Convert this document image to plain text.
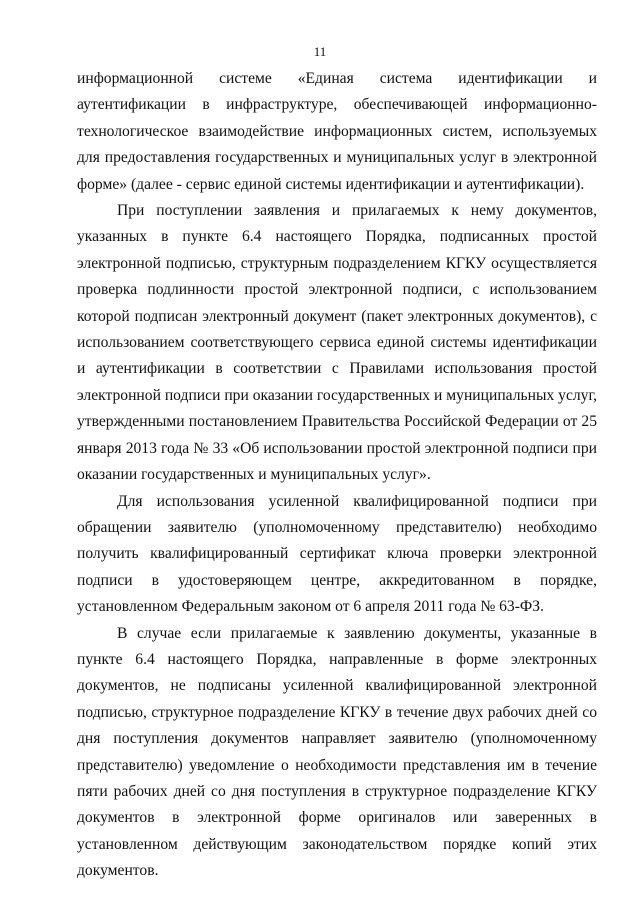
11

информационной системе «Единая система идентификации и аутентификации в инфраструктуре, обеспечивающей информационно-технологическое взаимодействие информационных систем, используемых для предоставления государственных и муниципальных услуг в электронной форме» (далее - сервис единой системы идентификации и аутентификации).

При поступлении заявления и прилагаемых к нему документов, указанных в пункте 6.4 настоящего Порядка, подписанных простой электронной подписью, структурным подразделением КГКУ осуществляется проверка подлинности простой электронной подписи, с использованием которой подписан электронный документ (пакет электронных документов), с использованием соответствующего сервиса единой системы идентификации и аутентификации в соответствии с Правилами использования простой электронной подписи при оказании государственных и муниципальных услуг, утвержденными постановлением Правительства Российской Федерации от 25 января 2013 года № 33 «Об использовании простой электронной подписи при оказании государственных и муниципальных услуг».

Для использования усиленной квалифицированной подписи при обращении заявителю (уполномоченному представителю) необходимо получить квалифицированный сертификат ключа проверки электронной подписи в удостоверяющем центре, аккредитованном в порядке, установленном Федеральным законом от 6 апреля 2011 года № 63-ФЗ.

В случае если прилагаемые к заявлению документы, указанные в пункте 6.4 настоящего Порядка, направленные в форме электронных документов, не подписаны усиленной квалифицированной электронной подписью, структурное подразделение КГКУ в течение двух рабочих дней со дня поступления документов направляет заявителю (уполномоченному представителю) уведомление о необходимости представления им в течение пяти рабочих дней со дня поступления в структурное подразделение КГКУ документов в электронной форме оригиналов или заверенных в установленном действующим законодательством порядке копий этих документов.
